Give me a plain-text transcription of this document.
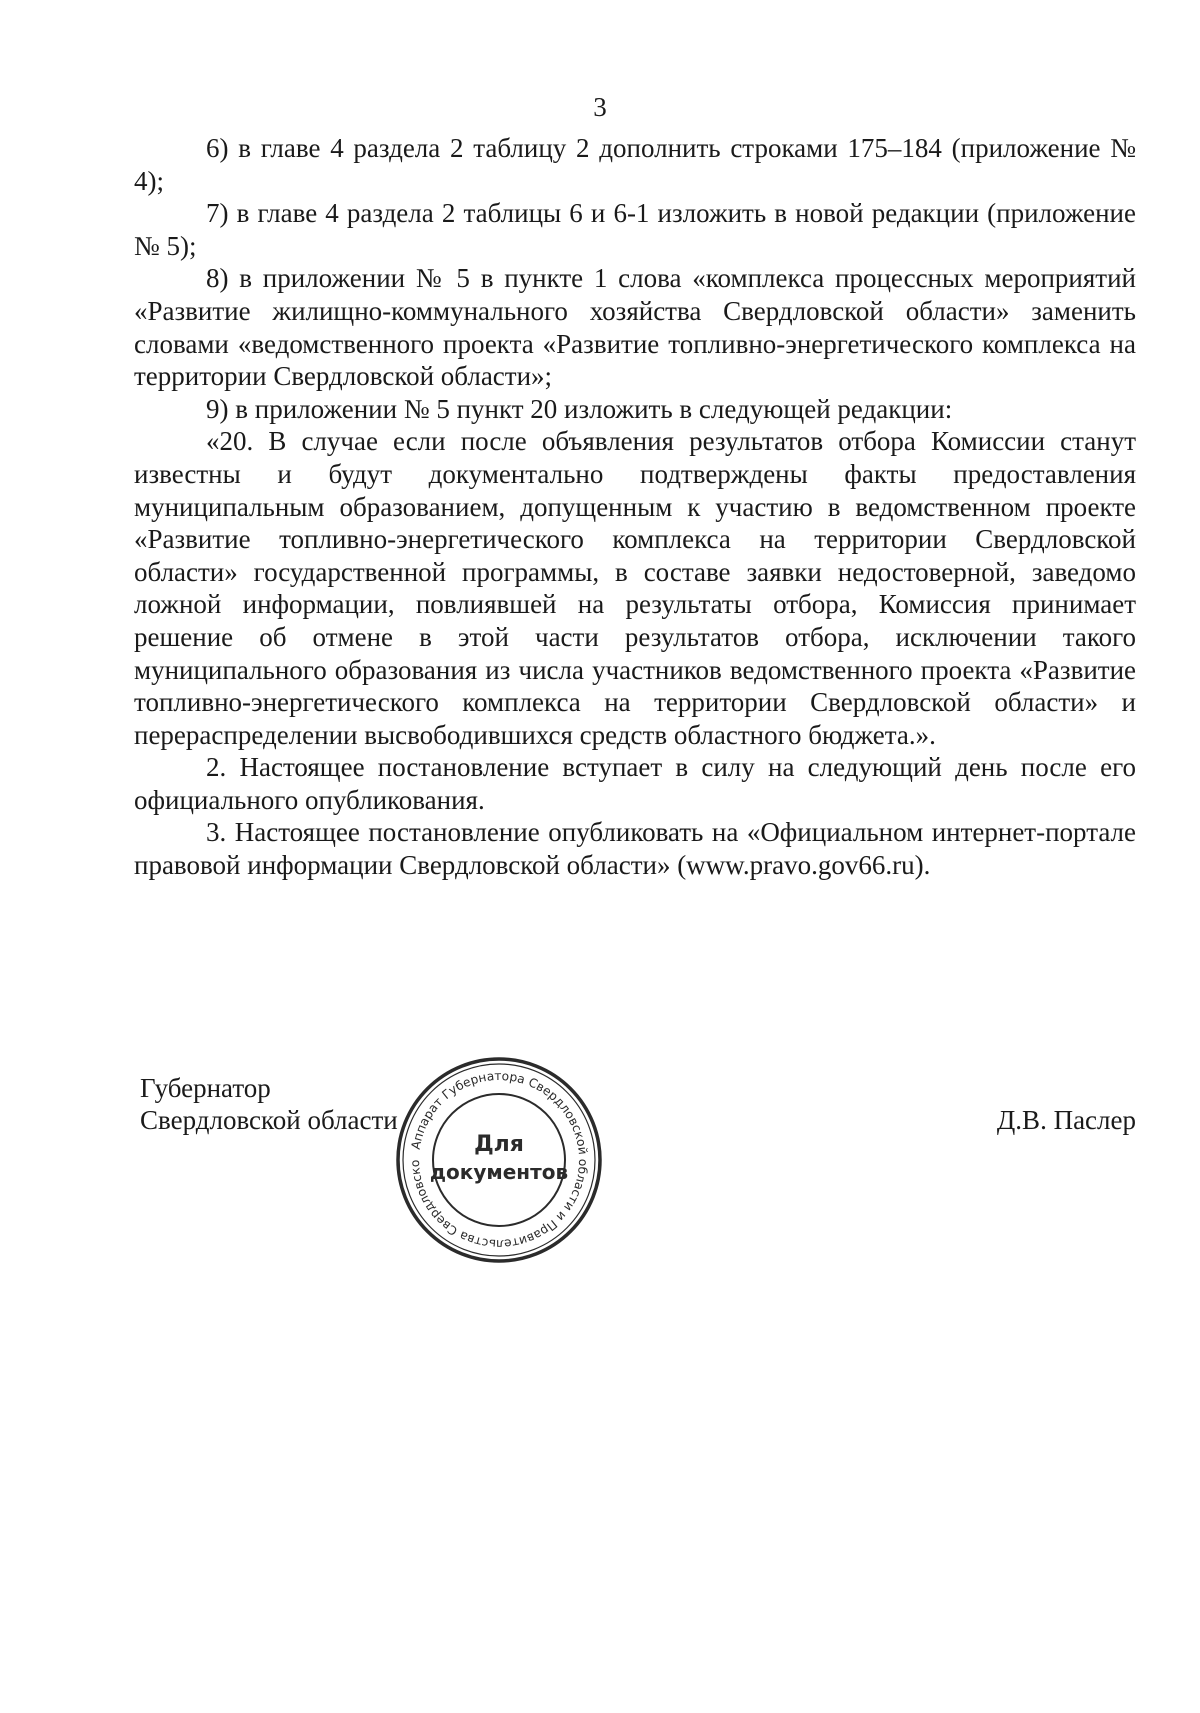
3

6) в главе 4 раздела 2 таблицу 2 дополнить строками 175–184 (приложение № 4);

7) в главе 4 раздела 2 таблицы 6 и 6-1 изложить в новой редакции (приложение № 5);

8) в приложении № 5 в пункте 1 слова «комплекса процессных мероприятий «Развитие жилищно-коммунального хозяйства Свердловской области» заменить словами «ведомственного проекта «Развитие топливно-энергетического комплекса на территории Свердловской области»;

9) в приложении № 5 пункт 20 изложить в следующей редакции:

«20. В случае если после объявления результатов отбора Комиссии станут известны и будут документально подтверждены факты предоставления муниципальным образованием, допущенным к участию в ведомственном проекте «Развитие топливно-энергетического комплекса на территории Свердловской области» государственной программы, в составе заявки недостоверной, заведомо ложной информации, повлиявшей на результаты отбора, Комиссия принимает решение об отмене в этой части результатов отбора, исключении такого муниципального образования из числа участников ведомственного проекта «Развитие топливно-энергетического комплекса на территории Свердловской области» и перераспределении высвободившихся средств областного бюджета.».

2. Настоящее постановление вступает в силу на следующий день после его официального опубликования.

3. Настоящее постановление опубликовать на «Официальном интернет-портале правовой информации Свердловской области» (www.pravo.gov66.ru).

Губернатор
Свердловской области	Д.В. Паслер
Аппарат Губернатора Свердловской области и Правительства Свердловско
Для
документов
